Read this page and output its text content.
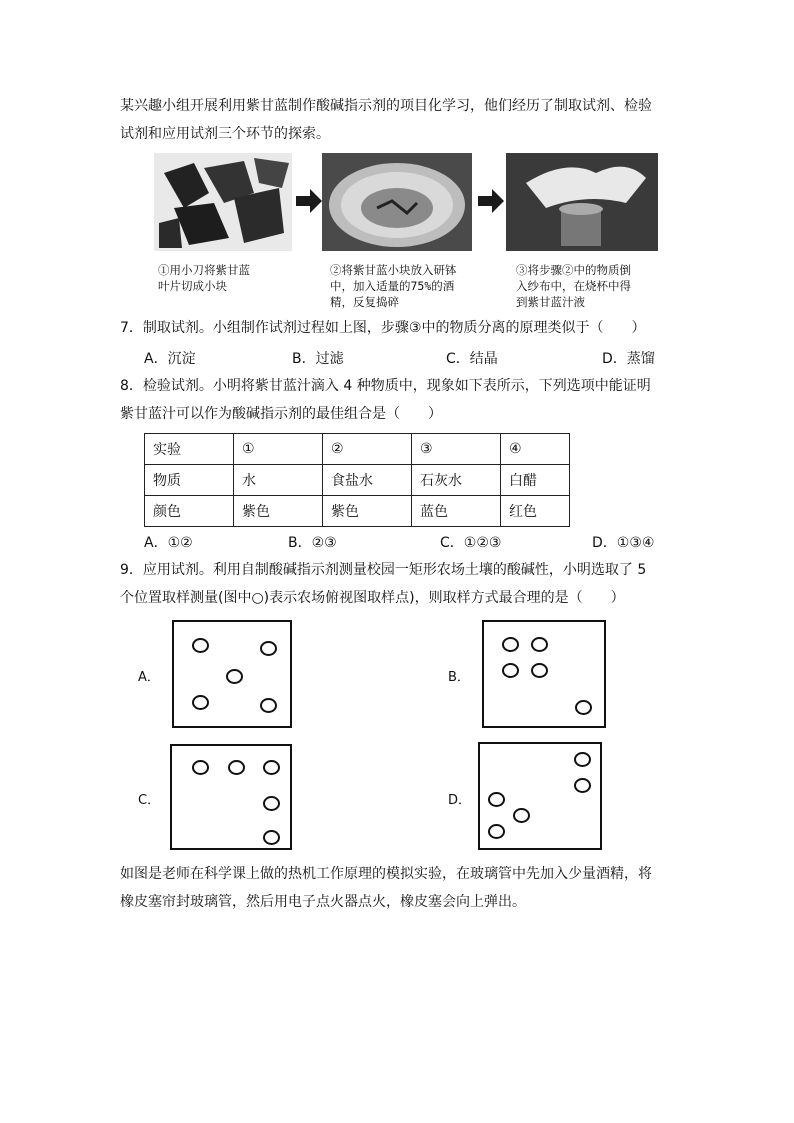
某兴趣小组开展利用紫甘蓝制作酸碱指示剂的项目化学习，他们经历了制取试剂、检验
试剂和应用试剂三个环节的探索。
①用小刀将紫甘蓝
叶片切成小块
②将紫甘蓝小块放入研钵
中，加入适量的75%的酒
精，反复捣碎
③将步骤②中的物质倒
入纱布中，在烧杯中得
到紫甘蓝汁液
7．制取试剂。小组制作试剂过程如上图，步骤③中的物质分离的原理类似于（　　）
A．沉淀	B．过滤	C．结晶	D．蒸馏
8．检验试剂。小明将紫甘蓝汁滴入 4 种物质中，现象如下表所示，下列选项中能证明
紫甘蓝汁可以作为酸碱指示剂的最佳组合是（　　）
实验	①	②	③	④
物质	水	食盐水	石灰水	白醋
颜色	紫色	紫色	蓝色	红色
A．①②	B．②③	C．①②③	D．①③④
9．应用试剂。利用自制酸碱指示剂测量校园一矩形农场土壤的酸碱性，小明选取了 5
个位置取样测量(图中○)表示农场俯视图取样点)，则取样方式最合理的是（　　）
A．	B．
C．	D．
如图是老师在科学课上做的热机工作原理的模拟实验，在玻璃管中先加入少量酒精，将
橡皮塞帘封玻璃管，然后用电子点火器点火，橡皮塞会向上弹出。
